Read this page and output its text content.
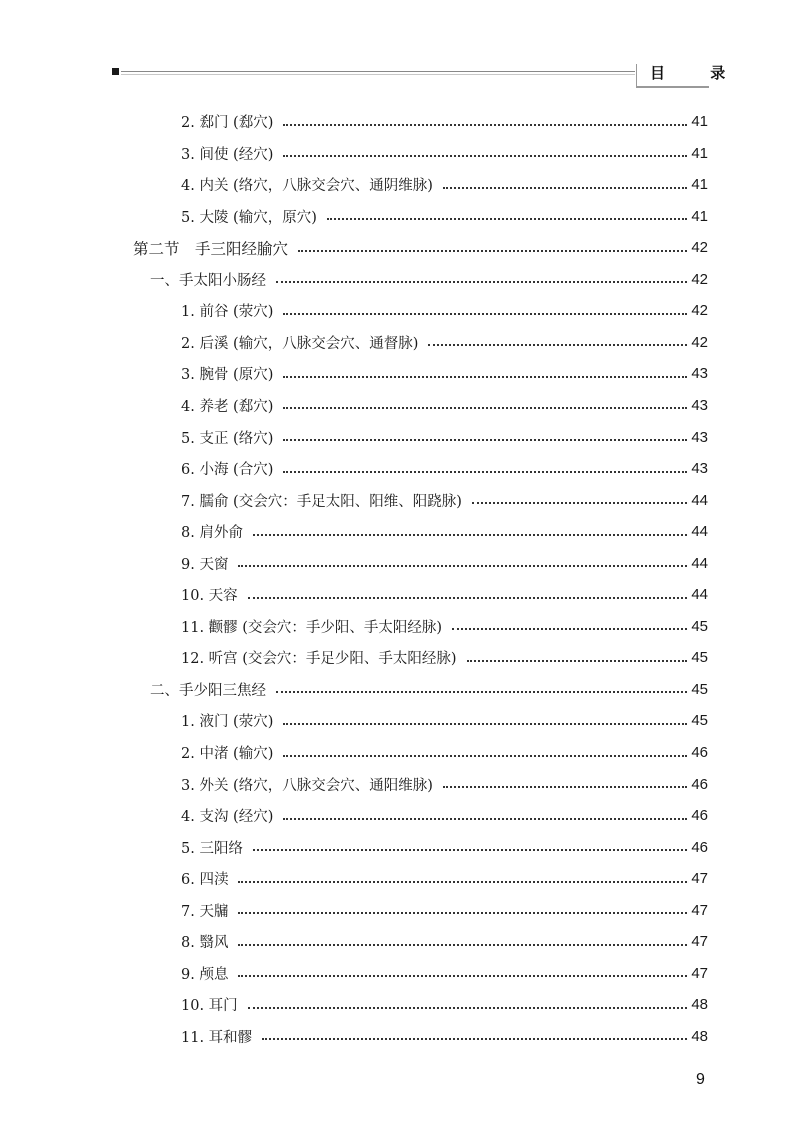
目 录
2. 郄门 (郄穴)	41
3. 间使 (经穴)	41
4. 内关 (络穴，八脉交会穴、通阴维脉)	41
5. 大陵 (输穴，原穴)	41
第二节　手三阳经腧穴	42
一、手太阳小肠经	42
1. 前谷 (荥穴)	42
2. 后溪 (输穴，八脉交会穴、通督脉)	42
3. 腕骨 (原穴)	43
4. 养老 (郄穴)	43
5. 支正 (络穴)	43
6. 小海 (合穴)	43
7. 臑俞 (交会穴：手足太阳、阳维、阳跷脉)	44
8. 肩外俞	44
9. 天窗	44
10. 天容	44
11. 颧髎 (交会穴：手少阳、手太阳经脉)	45
12. 听宫 (交会穴：手足少阳、手太阳经脉)	45
二、手少阳三焦经	45
1. 液门 (荥穴)	45
2. 中渚 (输穴)	46
3. 外关 (络穴，八脉交会穴、通阳维脉)	46
4. 支沟 (经穴)	46
5. 三阳络	46
6. 四渎	47
7. 天牖	47
8. 翳风	47
9. 颅息	47
10. 耳门	48
11. 耳和髎	48
9
